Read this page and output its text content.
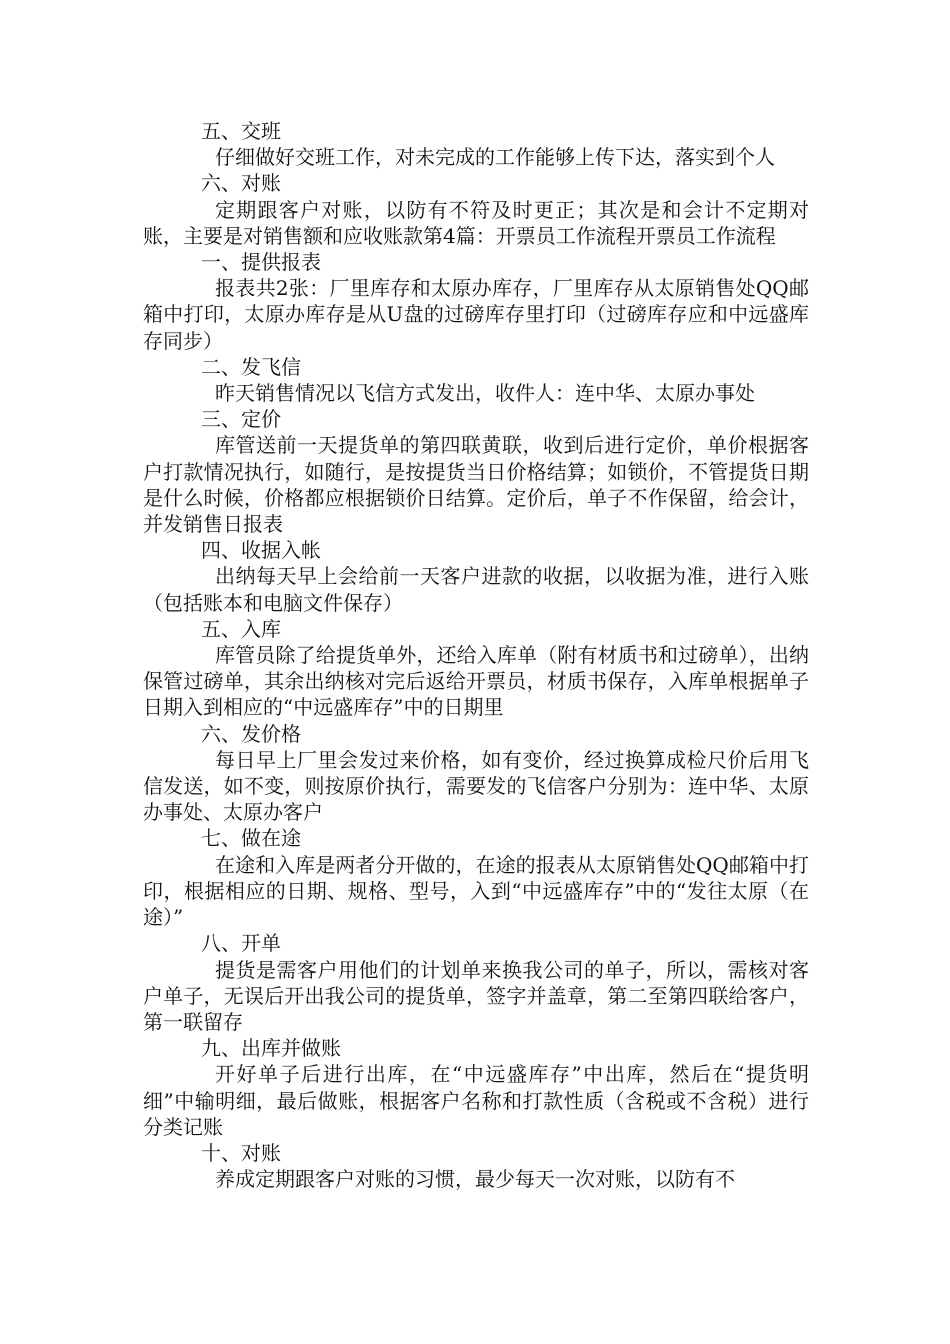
五、交班
仔细做好交班工作，对未完成的工作能够上传下达，落实到个人
六、对账
定期跟客户对账，以防有不符及时更正；其次是和会计不定期对账，主要是对销售额和应收账款第4篇：开票员工作流程开票员工作流程
一、提供报表
报表共2张：厂里库存和太原办库存，厂里库存从太原销售处QQ邮箱中打印，太原办库存是从U盘的过磅库存里打印（过磅库存应和中远盛库存同步）
二、发飞信
昨天销售情况以飞信方式发出，收件人：连中华、太原办事处
三、定价
库管送前一天提货单的第四联黄联，收到后进行定价，单价根据客户打款情况执行，如随行，是按提货当日价格结算；如锁价，不管提货日期是什么时候，价格都应根据锁价日结算。定价后，单子不作保留，给会计，并发销售日报表
四、收据入帐
出纳每天早上会给前一天客户进款的收据，以收据为准，进行入账（包括账本和电脑文件保存）
五、入库
库管员除了给提货单外，还给入库单（附有材质书和过磅单），出纳保管过磅单，其余出纳核对完后返给开票员，材质书保存，入库单根据单子日期入到相应的“中远盛库存”中的日期里
六、发价格
每日早上厂里会发过来价格，如有变价，经过换算成检尺价后用飞信发送，如不变，则按原价执行，需要发的飞信客户分别为：连中华、太原办事处、太原办客户
七、做在途
在途和入库是两者分开做的，在途的报表从太原销售处QQ邮箱中打印，根据相应的日期、规格、型号，入到“中远盛库存”中的“发往太原（在途）”
八、开单
提货是需客户用他们的计划单来换我公司的单子，所以，需核对客户单子，无误后开出我公司的提货单，签字并盖章，第二至第四联给客户，第一联留存
九、出库并做账
开好单子后进行出库，在“中远盛库存”中出库，然后在“提货明细”中输明细，最后做账，根据客户名称和打款性质（含税或不含税）进行分类记账
十、对账
养成定期跟客户对账的习惯，最少每天一次对账，以防有不
